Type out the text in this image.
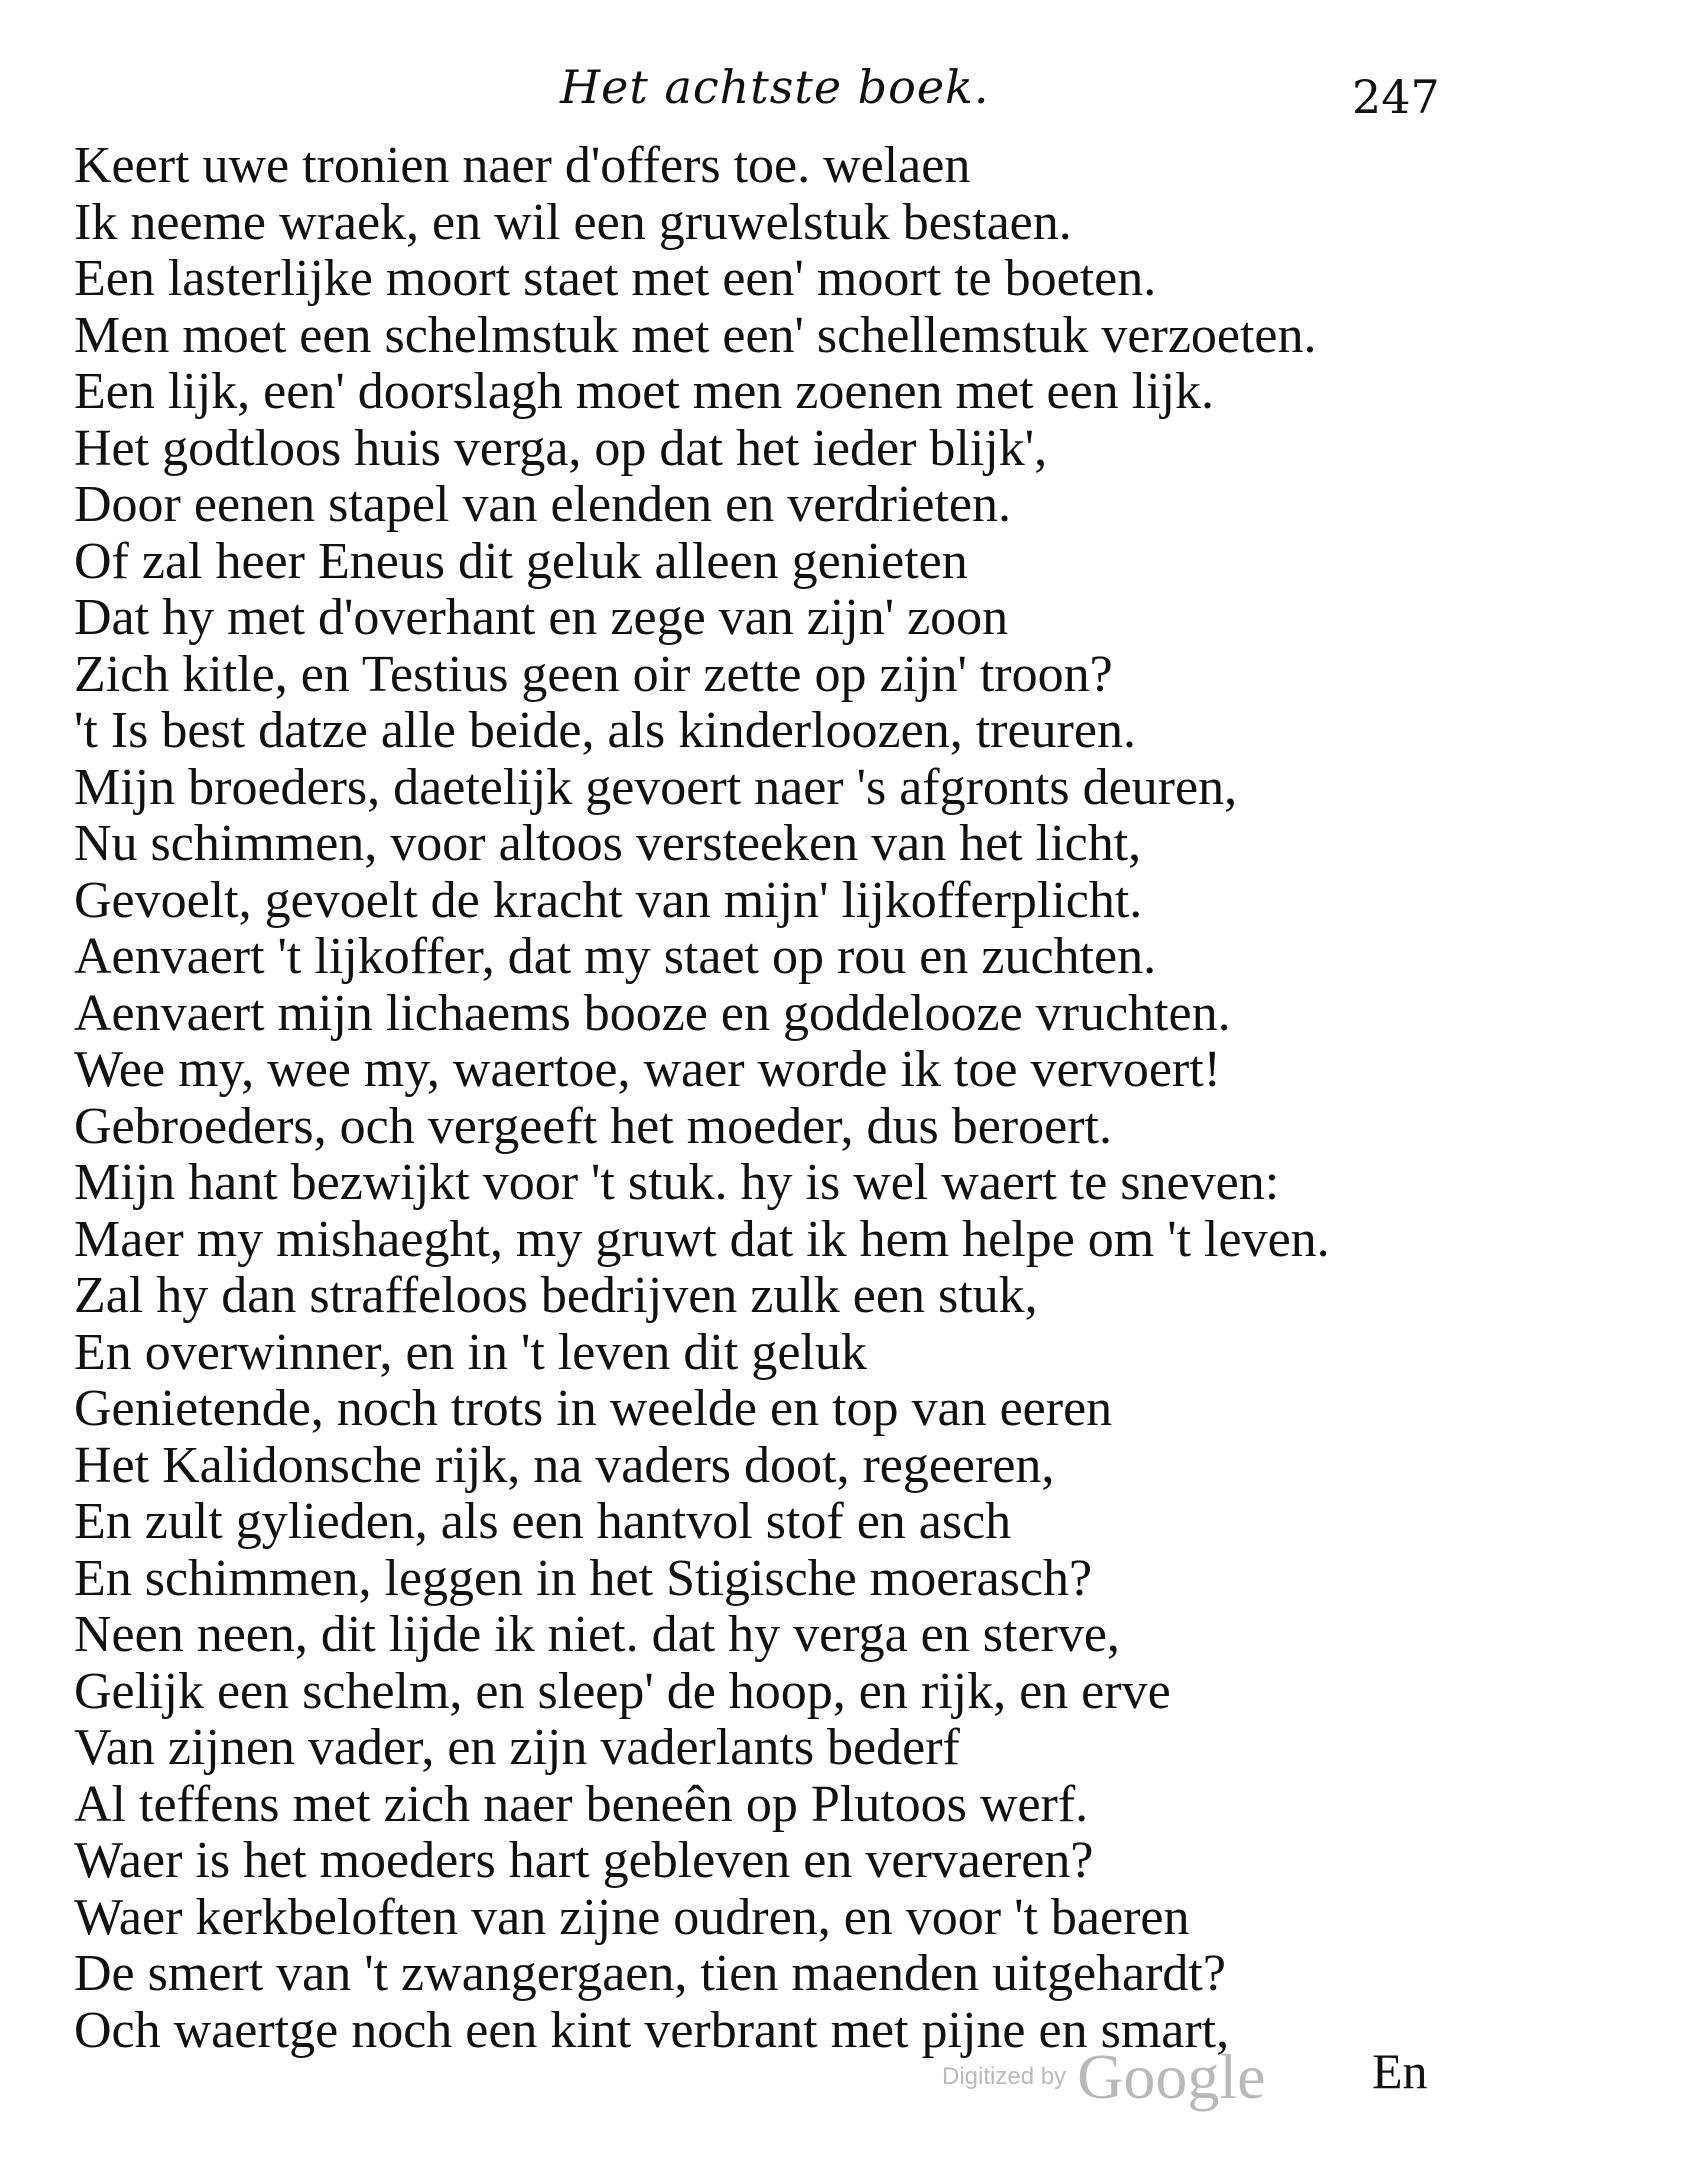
Het achtste boek.	247
Keert uwe tronien naer d'offers toe. welaen
Ik neeme wraek, en wil een gruwelstuk bestaen.
Een lasterlijke moort staet met een' moort te boeten.
Men moet een schelmstuk met een' schellemstuk verzoeten.
Een lijk, een' doorslagh moet men zoenen met een lijk.
Het godtloos huis verga, op dat het ieder blijk',
Door eenen stapel van elenden en verdrieten.
Of zal heer Eneus dit geluk alleen genieten
Dat hy met d'overhant en zege van zijn' zoon
Zich kitle, en Testius geen oir zette op zijn' troon?
't Is best datze alle beide, als kinderloozen, treuren.
Mijn broeders, daetelijk gevoert naer 's afgronts deuren,
Nu schimmen, voor altoos versteeken van het licht,
Gevoelt, gevoelt de kracht van mijn' lijkofferplicht.
Aenvaert 't lijkoffer, dat my staet op rou en zuchten.
Aenvaert mijn lichaems booze en goddelooze vruchten.
Wee my, wee my, waertoe, waer worde ik toe vervoert!
Gebroeders, och vergeeft het moeder, dus beroert.
Mijn hant bezwijkt voor 't stuk. hy is wel waert te sneven:
Maer my mishaeght, my gruwt dat ik hem helpe om 't leven.
Zal hy dan straffeloos bedrijven zulk een stuk,
En overwinner, en in 't leven dit geluk
Genietende, noch trots in weelde en top van eeren
Het Kalidonsche rijk, na vaders doot, regeeren,
En zult gylieden, als een hantvol stof en asch
En schimmen, leggen in het Stigische moerasch?
Neen neen, dit lijde ik niet. dat hy verga en sterve,
Gelijk een schelm, en sleep' de hoop, en rijk, en erve
Van zijnen vader, en zijn vaderlants bederf
Al teffens met zich naer beneên op Plutoos werf.
Waer is het moeders hart gebleven en vervaeren?
Waer kerkbeloften van zijne oudren, en voor 't baeren
De smert van 't zwangergaen, tien maenden uitgehardt?
Och waertge noch een kint verbrant met pijne en smart,
Digitized by Google En
